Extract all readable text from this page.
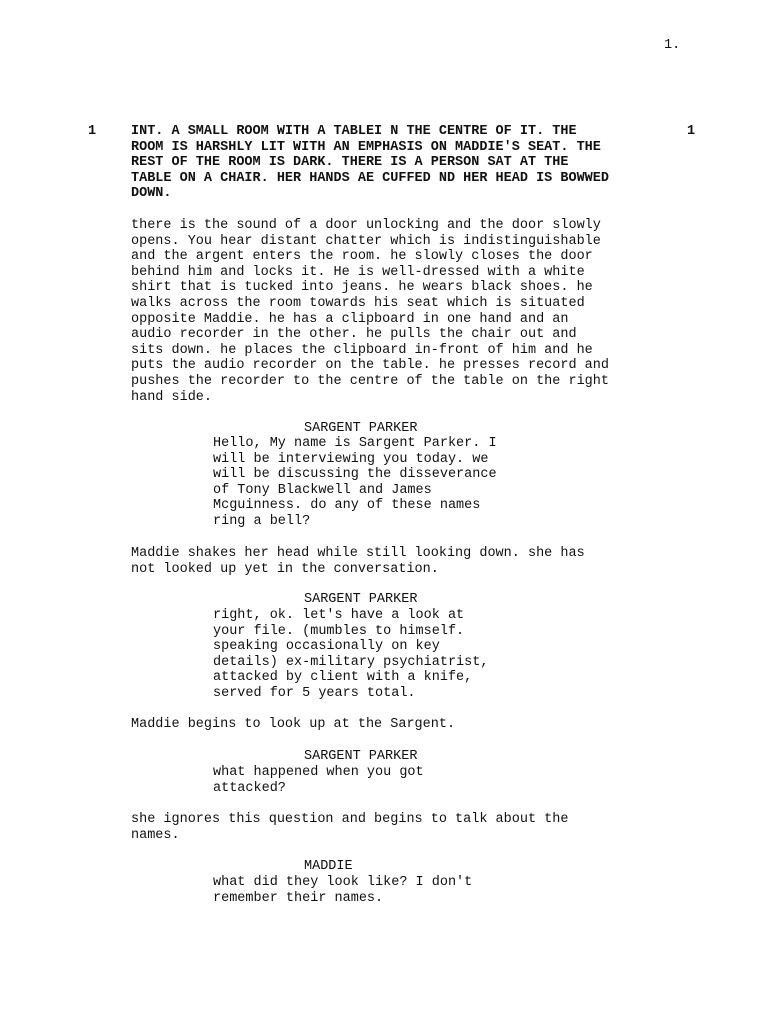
1.
1	1
INT. A SMALL ROOM WITH A TABLEI N THE CENTRE OF IT. THE
ROOM IS HARSHLY LIT WITH AN EMPHASIS ON MADDIE'S SEAT. THE
REST OF THE ROOM IS DARK. THERE IS A PERSON SAT AT THE
TABLE ON A CHAIR. HER HANDS AE CUFFED ND HER HEAD IS BOWWED
DOWN.
there is the sound of a door unlocking and the door slowly
opens. You hear distant chatter which is indistinguishable
and the argent enters the room. he slowly closes the door
behind him and locks it. He is well-dressed with a white
shirt that is tucked into jeans. he wears black shoes. he
walks across the room towards his seat which is situated
opposite Maddie. he has a clipboard in one hand and an
audio recorder in the other. he pulls the chair out and
sits down. he places the clipboard in-front of him and he
puts the audio recorder on the table. he presses record and
pushes the recorder to the centre of the table on the right
hand side.
SARGENT PARKER
Hello, My name is Sargent Parker. I
will be interviewing you today. we
will be discussing the disseverance
of Tony Blackwell and James
Mcguinness. do any of these names
ring a bell?
Maddie shakes her head while still looking down. she has
not looked up yet in the conversation.
SARGENT PARKER
right, ok. let's have a look at
your file. (mumbles to himself.
speaking occasionally on key
details) ex-military psychiatrist,
attacked by client with a knife,
served for 5 years total.
Maddie begins to look up at the Sargent.
SARGENT PARKER
what happened when you got
attacked?
she ignores this question and begins to talk about the
names.
MADDIE
what did they look like? I don't
remember their names.
